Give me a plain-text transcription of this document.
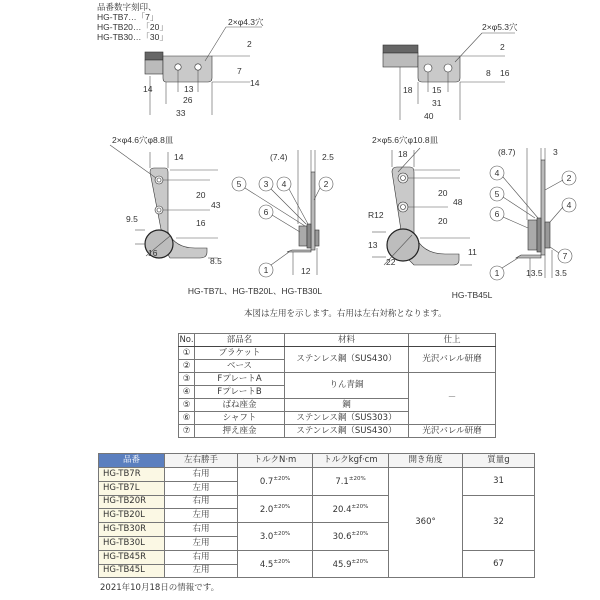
品番数字刻印、
HG-TB7…「7」
HG-TB20…「20」
HG-TB30…「30」
2×φ4.3穴
2
7
14
14	13
26
33
2×φ5.3穴
2
8 16
18 15
31
40
2×φ4.6穴φ8.8皿
14
20
16
43
9.5
16
8.5
(7.4)	2.5
12
5	3 4	2
6
1
HG-TB7L、HG-TB20L、HG-TB30L
4
5
6
2
4
7
1
HG-TB45L
2×φ5.6穴φ10.8皿
18
20
20
48
R12
13
22
11
(8.7)	3
13.5 3.5
本図は左用を示します。右用は左右対称となります。
No.	部品名	材料	仕上
①	ブラケット	ステンレス鋼（SUS430）	光沢バレル研磨
②	ベース		
③	FプレートA	りん青銅	－
④	FプレートB		
⑤	ばね座金	鋼	
⑥	シャフト	ステンレス鋼（SUS303）	
⑦	押え座金	ステンレス鋼（SUS430）	光沢バレル研磨
品番	左右勝手	トルクN·m	トルクkgf·cm	開き角度	質量g
HG-TB7R	右用	$0.7^{\pm 20\%}$	$7.1^{\pm 20\%}$	360°	31
HG-TB7L	左用				
HG-TB20R	右用	$2.0^{\pm 20\%}$	$20.4^{\pm 20\%}$		32
HG-TB20L	左用				
HG-TB30R	右用	$3.0^{\pm 20\%}$	$30.6^{\pm 20\%}$
HG-TB30L	左用				
HG-TB45R	右用	$4.5^{\pm 20\%}$	$45.9^{\pm 20\%}$		67
HG-TB45L	左用				
2021年10月18日の情報です。
